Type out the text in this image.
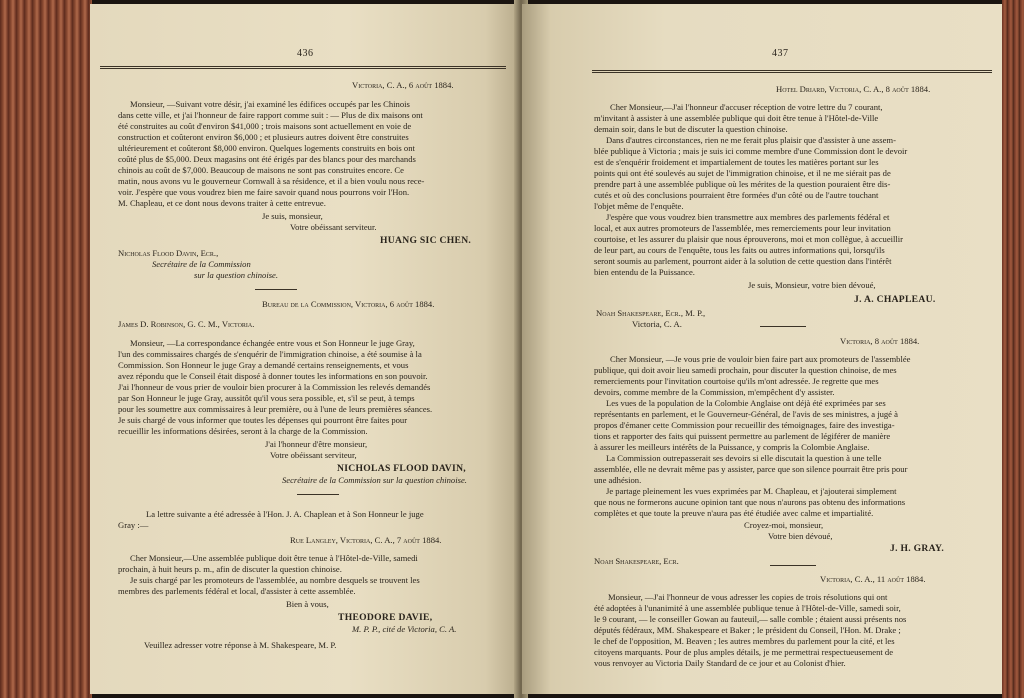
436
Victoria, C. A., 6 août 1884.
Monsieur, —Suivant votre désir, j'ai examiné les édifices occupés par les Chinois
dans cette ville, et j'ai l'honneur de faire rapport comme suit : — Plus de dix maisons ont
été construites au coût d'environ $41,000 ; trois maisons sont actuellement en voie de
construction et coûteront environ $6,000 ; et plusieurs autres doivent être construites
ultérieurement et coûteront $8,000 environ. Quelques logements construits en bois ont
coûté plus de $5,000. Deux magasins ont été érigés par des blancs pour des marchands
chinois au coût de $7,000. Beaucoup de maisons ne sont pas construites encore. Ce
matin, nous avons vu le gouverneur Cornwall à sa résidence, et il a bien voulu nous rece-
voir. J'espère que vous voudrez bien me faire savoir quand nous pourrons voir l'Hon.
M. Chapleau, et ce dont nous devons traiter à cette entrevue.
Je suis, monsieur,
Votre obéissant serviteur.
HUANG SIC CHEN.
Nicholas Flood Davin, Ecr.,
Secrétaire de la Commission
sur la question chinoise.
Bureau de la Commission, Victoria, 6 août 1884.
James D. Robinson, G. C. M., Victoria.
Monsieur, —La correspondance échangée entre vous et Son Honneur le juge Gray,
l'un des commissaires chargés de s'enquérir de l'immigration chinoise, a été soumise à la
Commission. Son Honneur le juge Gray a demandé certains renseignements, et vous
avez répondu que le Conseil était disposé à donner toutes les informations en son pouvoir.
J'ai l'honneur de vous prier de vouloir bien procurer à la Commission les relevés demandés
par Son Honneur le juge Gray, aussitôt qu'il vous sera possible, et, s'il se peut, à temps
pour les soumettre aux commissaires à leur première, ou à l'une de leurs premières séances.
Je suis chargé de vous informer que toutes les dépenses qui pourront être faites pour
recueillir les informations désirées, seront à la charge de la Commission.
J'ai l'honneur d'être monsieur,
Votre obéissant serviteur,
NICHOLAS FLOOD DAVIN,
Secrétaire de la Commission sur la question chinoise.
La lettre suivante a été adressée à l'Hon. J. A. Chaplean et à Son Honneur le juge
Gray :—
Rue Langley, Victoria, C. A., 7 août 1884.
Cher Monsieur,—Une assemblée publique doit être tenue à l'Hôtel-de-Ville, samedi
prochain, à huit heurs p. m., afin de discuter la question chinoise.
Je suis chargé par les promoteurs de l'assemblée, au nombre desquels se trouvent les
membres des parlements fédéral et local, d'assister à cette assemblée.
Bien à vous,
THEODORE DAVIE,
M. P. P., cité de Victoria, C. A.
Veuillez adresser votre réponse à M. Shakespeare, M. P.
437
Hotel Driard, Victoria, C. A., 8 août 1884.
Cher Monsieur,—J'ai l'honneur d'accuser réception de votre lettre du 7 courant,
m'invitant à assister à une assemblée publique qui doit être tenue à l'Hôtel-de-Ville
demain soir, dans le but de discuter la question chinoise.
Dans d'autres circonstances, rien ne me ferait plus plaisir que d'assister à une assem-
blée publique à Victoria ; mais je suis ici comme membre d'une Commission dont le devoir
est de s'enquérir froidement et impartialement de toutes les matières portant sur les
points qui ont été soulevés au sujet de l'immigration chinoise, et il ne me siérait pas de
prendre part à une assemblée publique où les mérites de la question pouraient être dis-
cutés et où des conclusions pourraient être formées d'un côté ou de l'autre touchant
l'objet même de l'enquête.
J'espère que vous voudrez bien transmettre aux membres des parlements fédéral et
local, et aux autres promoteurs de l'assemblée, mes remerciements pour leur invitation
courtoise, et les assurer du plaisir que nous éprouverons, moi et mon collègue, à accueillir
de leur part, au cours de l'enquête, tous les faits ou autres informations qui, lorsqu'ils
seront soumis au parlement, pourront aider à la solution de cette question dans l'intérêt
bien entendu de la Puissance.
Je suis, Monsieur, votre bien dévoué,
J. A. CHAPLEAU.
Noah Shakespeare, Ecr., M. P.,
Victoria, C. A.
Victoria, 8 août 1884.
Cher Monsieur, —Je vous prie de vouloir bien faire part aux promoteurs de l'assemblée
publique, qui doit avoir lieu samedi prochain, pour discuter la question chinoise, de mes
remerciements pour l'invitation courtoise qu'ils m'ont adressée. Je regrette que mes
devoirs, comme membre de la Commission, m'empêchent d'y assister.
Les vues de la population de la Colombie Anglaise ont déjà été exprimées par ses
représentants en parlement, et le Gouverneur-Général, de l'avis de ses ministres, a jugé à
propos d'émaner cette Commission pour recueillir des témoignages, faire des investiga-
tions et rapporter des faits qui puissent permettre au parlement de légiférer de manière
à assurer les meilleurs intérêts de la Puissance, y compris la Colombie Anglaise.
La Commission outrepasserait ses devoirs si elle discutait la question à une telle
assemblée, elle ne devrait même pas y assister, parce que son silence pourrait être pris pour
une adhésion.
Je partage pleinement les vues exprimées par M. Chapleau, et j'ajouterai simplement
que nous ne formerons aucune opinion tant que nous n'aurons pas obtenu des informations
complètes et que toute la preuve n'aura pas été étudiée avec calme et impartialité.
Croyez-moi, monsieur,
Votre bien dévoué,
J. H. GRAY.
Noah Shakespeare, Ecr.
Victoria, C. A., 11 août 1884.
Monsieur, —J'ai l'honneur de vous adresser les copies de trois résolutions qui ont
été adoptées à l'unanimité à une assemblée publique tenue à l'Hôtel-de-Ville, samedi soir,
le 9 courant, — le conseiller Gowan au fauteuil,— salle comble ; étaient aussi présents nos
députés fédéraux, MM. Shakespeare et Baker ; le président du Conseil, l'Hon. M. Drake ;
le chef de l'opposition, M. Beaven ; les autres membres du parlement pour la cité, et les
citoyens marquants. Pour de plus amples détails, je me permettrai respectueusement de
vous renvoyer au Victoria Daily Standard de ce jour et au Colonist d'hier.
